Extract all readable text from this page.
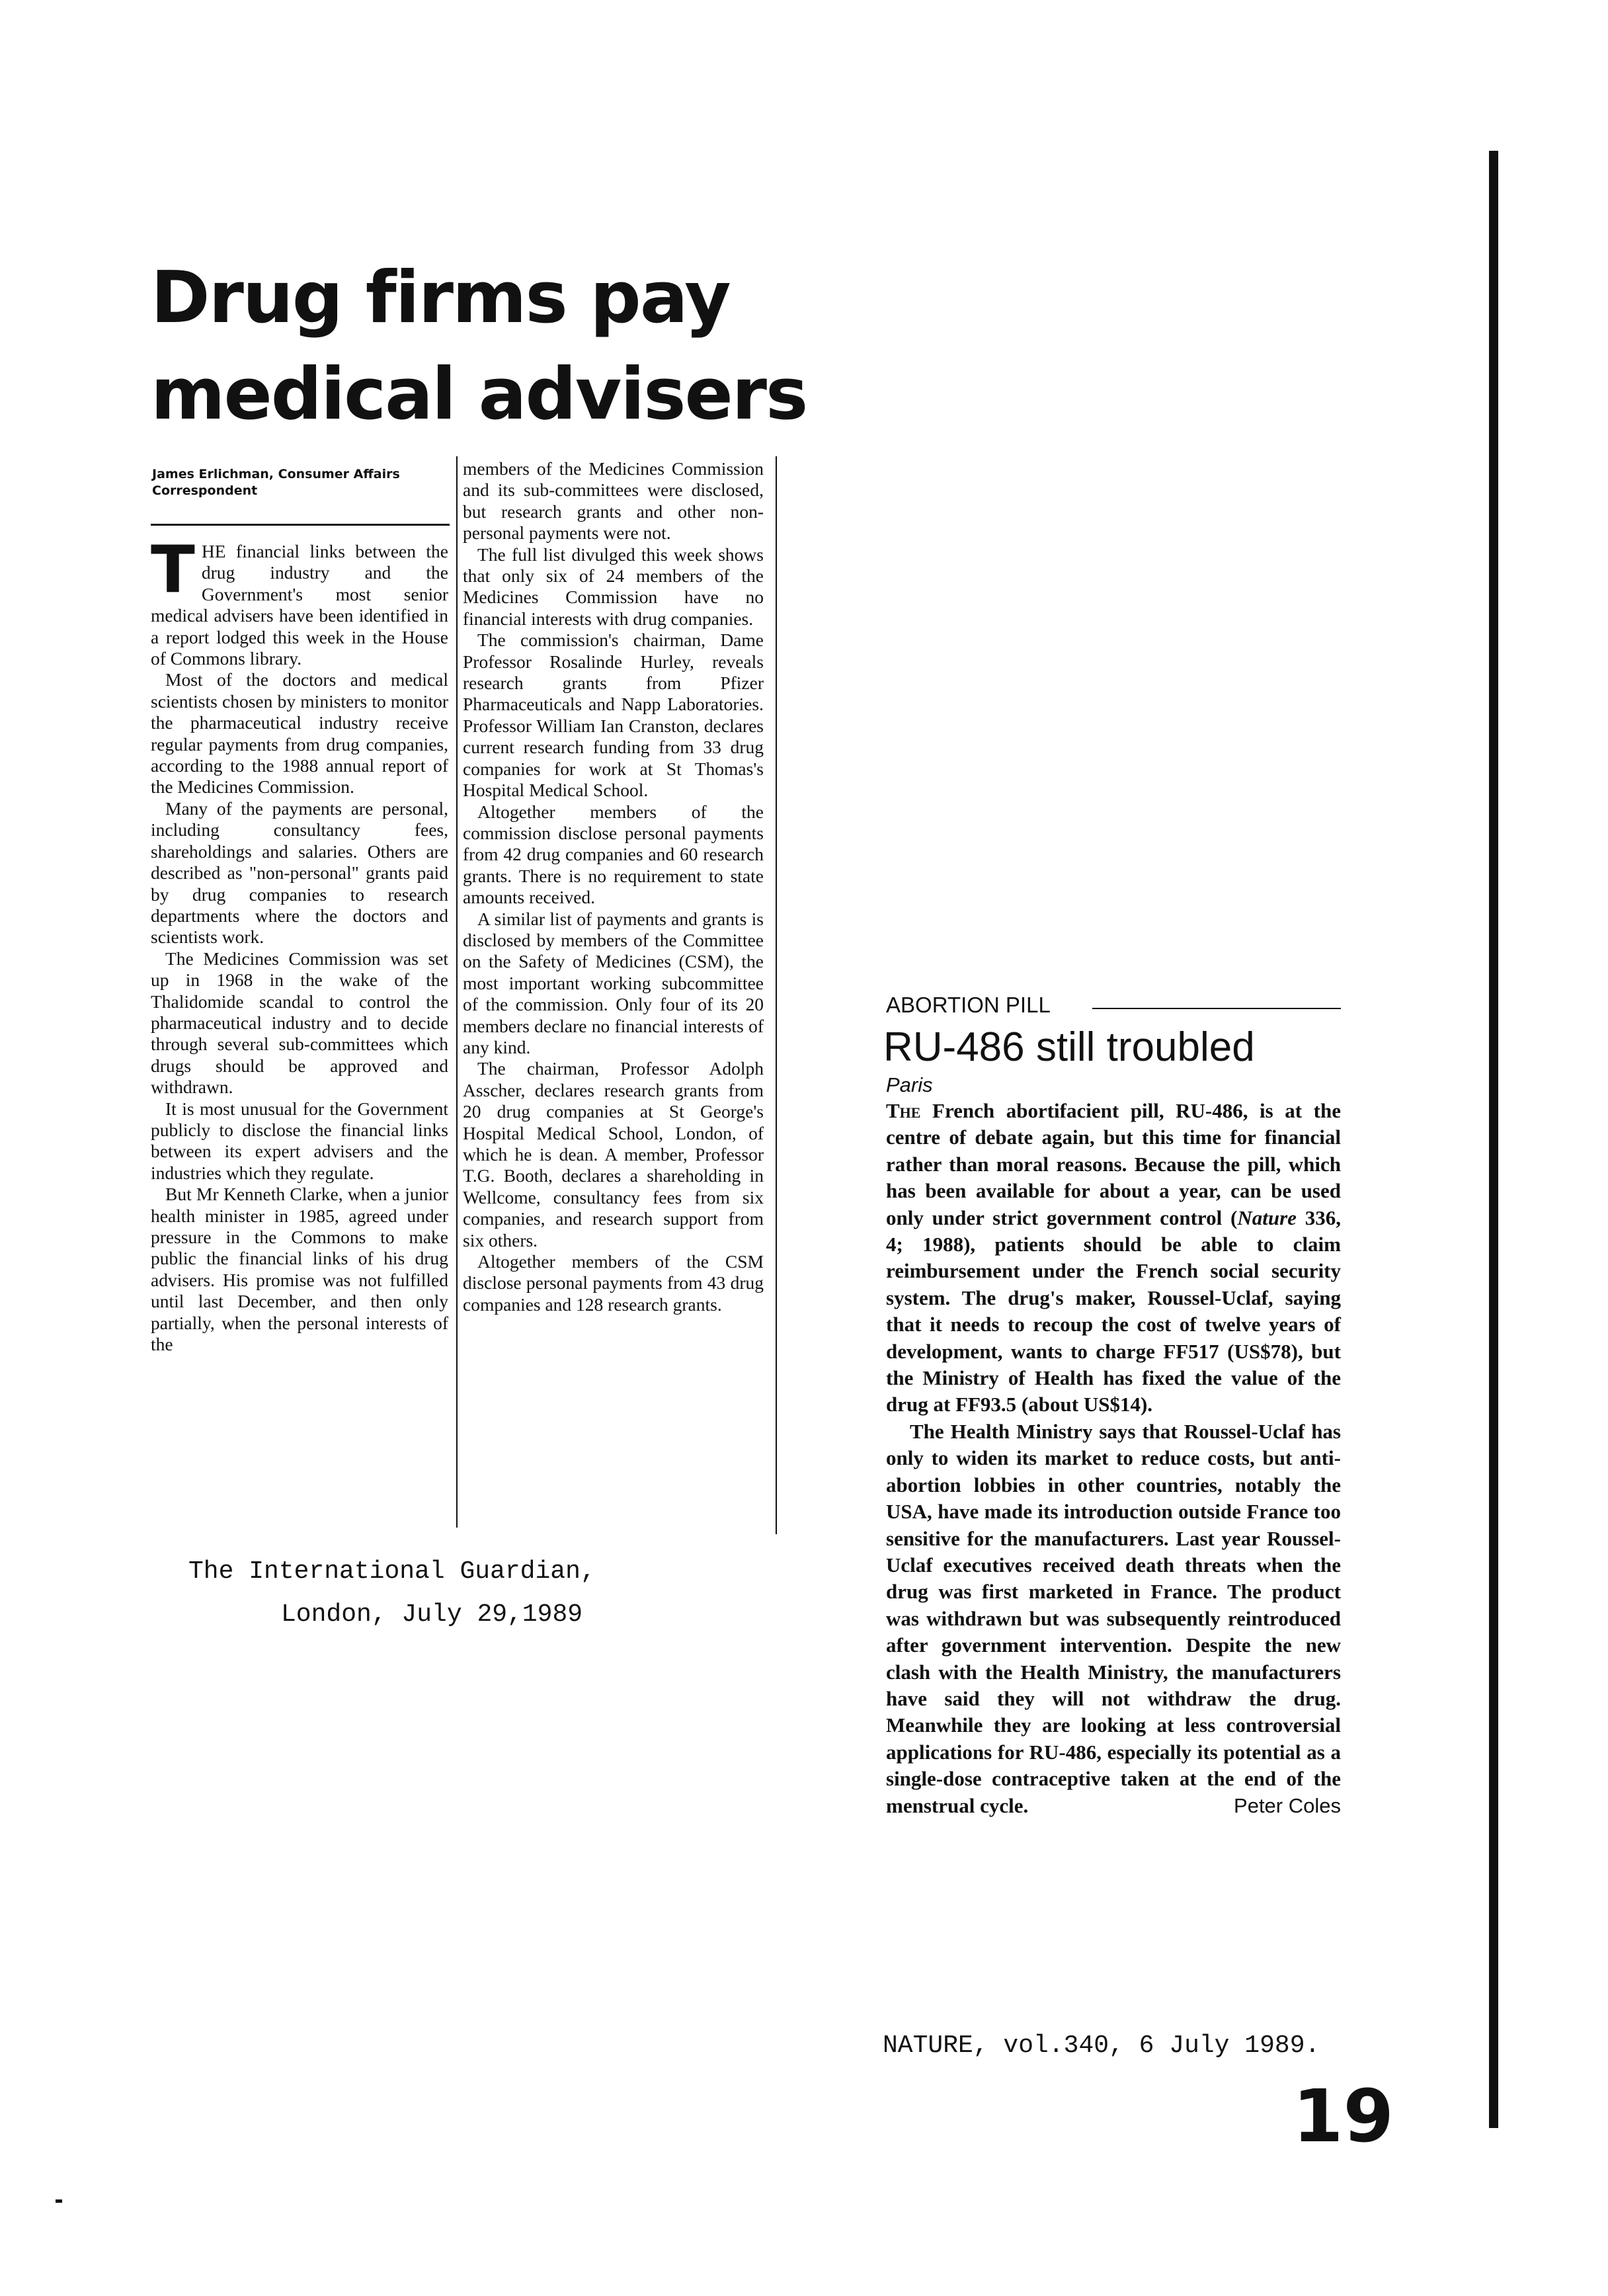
Drug firms pay medical advisers

James Erlichman, Consumer Affairs Correspondent

THE financial links between the drug industry and the Government's most senior medical advisers have been identified in a report lodged this week in the House of Commons library.

Most of the doctors and medical scientists chosen by ministers to monitor the pharmaceutical industry receive regular payments from drug companies, according to the 1988 annual report of the Medicines Commission.

Many of the payments are personal, including consultancy fees, shareholdings and salaries. Others are described as "non-personal" grants paid by drug companies to research departments where the doctors and scientists work.

The Medicines Commission was set up in 1968 in the wake of the Thalidomide scandal to control the pharmaceutical industry and to decide through several sub-committees which drugs should be approved and withdrawn.

It is most unusual for the Government publicly to disclose the financial links between its expert advisers and the industries which they regulate.

But Mr Kenneth Clarke, when a junior health minister in 1985, agreed under pressure in the Commons to make public the financial links of his drug advisers. His promise was not fulfilled until last December, and then only partially, when the personal interests of the

members of the Medicines Commission and its sub-committees were disclosed, but research grants and other non-personal payments were not.

The full list divulged this week shows that only six of 24 members of the Medicines Commission have no financial interests with drug companies.

The commission's chairman, Dame Professor Rosalinde Hurley, reveals research grants from Pfizer Pharmaceuticals and Napp Laboratories. Professor William Ian Cranston, declares current research funding from 33 drug companies for work at St Thomas's Hospital Medical School.

Altogether members of the commission disclose personal payments from 42 drug companies and 60 research grants. There is no requirement to state amounts received.

A similar list of payments and grants is disclosed by members of the Committee on the Safety of Medicines (CSM), the most important working subcommittee of the commission. Only four of its 20 members declare no financial interests of any kind.

The chairman, Professor Adolph Asscher, declares research grants from 20 drug companies at St George's Hospital Medical School, London, of which he is dean. A member, Professor T.G. Booth, declares a shareholding in Wellcome, consultancy fees from six companies, and research support from six others.

Altogether members of the CSM disclose personal payments from 43 drug companies and 128 research grants.

The International Guardian,

London, July 29,1989

ABORTION PILL

RU-486 still troubled

Paris

The French abortifacient pill, RU-486, is at the centre of debate again, but this time for financial rather than moral reasons. Because the pill, which has been available for about a year, can be used only under strict government control (Nature 336, 4; 1988), patients should be able to claim reimbursement under the French social security system. The drug's maker, Roussel-Uclaf, saying that it needs to recoup the cost of twelve years of development, wants to charge FF517 (US$78), but the Ministry of Health has fixed the value of the drug at FF93.5 (about US$14).

The Health Ministry says that Roussel-Uclaf has only to widen its market to reduce costs, but anti-abortion lobbies in other countries, notably the USA, have made its introduction outside France too sensitive for the manufacturers. Last year Roussel-Uclaf executives received death threats when the drug was first marketed in France. The product was withdrawn but was subsequently reintroduced after government intervention. Despite the new clash with the Health Ministry, the manufacturers have said they will not withdraw the drug. Meanwhile they are looking at less controversial applications for RU-486, especially its potential as a single-dose contraceptive taken at the end of the menstrual cycle.	Peter Coles

NATURE, vol.340, 6 July 1989.

19
